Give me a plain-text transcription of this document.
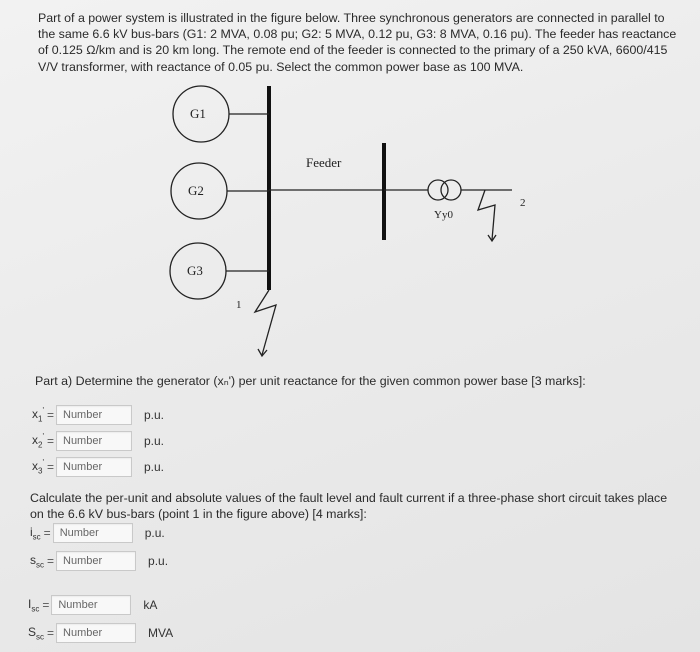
Part of a power system is illustrated in the figure below. Three synchronous generators are connected in parallel to the same 6.6 kV bus-bars (G1: 2 MVA, 0.08 pu; G2: 5 MVA, 0.12 pu, G3: 8 MVA, 0.16 pu). The feeder has reactance of 0.125 Ω/km and is 20 km long. The remote end of the feeder is connected to the primary of a 250 kVA, 6600/415 V/V transformer, with reactance of 0.05 pu. Select the common power base as 100 MVA.

G1
G2
G3
Feeder
Yy0
2
1

Part a) Determine the generator (xₙ') per unit reactance for the given common power base [3 marks]:

$x_1'$ =
Number	p.u.
$x_2'$ =
Number	p.u.
$x_3'$ =
Number	p.u.

Calculate the per-unit and absolute values of the fault level and fault current if a three-phase short circuit takes place on the 6.6 kV bus-bars (point 1 in the figure above) [4 marks]:

$i_{sc}$ =
Number	p.u.
$s_{sc}$ =
Number	p.u.
$I_{sc}$ =
Number	kA
$S_{sc}$ =
Number	MVA
